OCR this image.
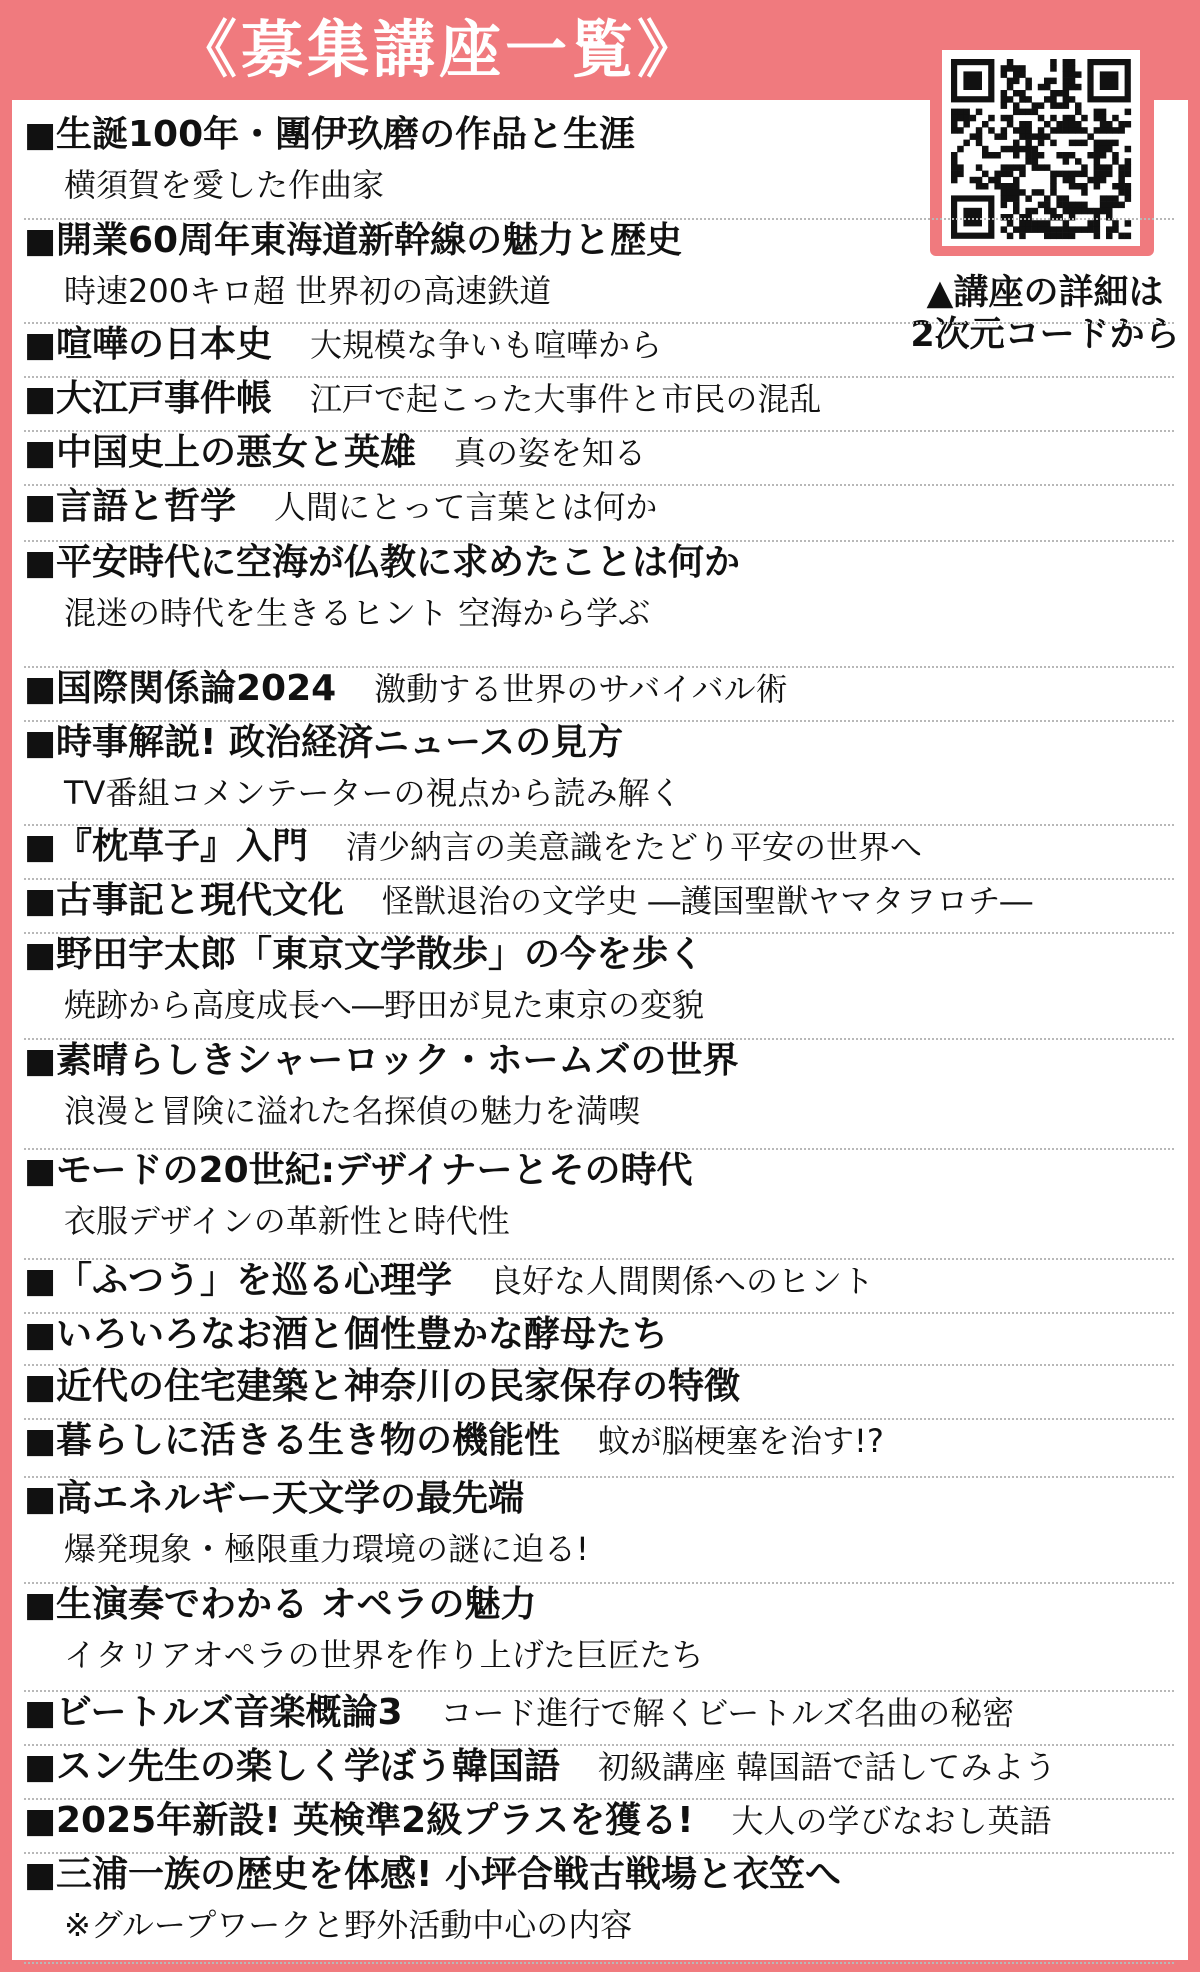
《募集講座一覧》
▲講座の詳細は
2次元コードから
■生誕100年・團伊玖磨の作品と生涯
横須賀を愛した作曲家
■開業60周年東海道新幹線の魅力と歴史
時速200キロ超 世界初の高速鉄道
■喧嘩の日本史 大規模な争いも喧嘩から
■大江戸事件帳 江戸で起こった大事件と市民の混乱
■中国史上の悪女と英雄 真の姿を知る
■言語と哲学 人間にとって言葉とは何か
■平安時代に空海が仏教に求めたことは何か
混迷の時代を生きるヒント 空海から学ぶ
■国際関係論2024 激動する世界のサバイバル術
■時事解説! 政治経済ニュースの見方
TV番組コメンテーターの視点から読み解く
■『枕草子』入門 清少納言の美意識をたどり平安の世界へ
■古事記と現代文化 怪獣退治の文学史 ―護国聖獣ヤマタヲロチ―
■野田宇太郎「東京文学散歩」の今を歩く
焼跡から高度成長へ―野田が見た東京の変貌
■素晴らしきシャーロック・ホームズの世界
浪漫と冒険に溢れた名探偵の魅力を満喫
■モードの20世紀:デザイナーとその時代
衣服デザインの革新性と時代性
■「ふつう」を巡る心理学 良好な人間関係へのヒント
■いろいろなお酒と個性豊かな酵母たち
■近代の住宅建築と神奈川の民家保存の特徴
■暮らしに活きる生き物の機能性 蚊が脳梗塞を治す!?
■高エネルギー天文学の最先端
爆発現象・極限重力環境の謎に迫る!
■生演奏でわかる オペラの魅力
イタリアオペラの世界を作り上げた巨匠たち
■ビートルズ音楽概論3 コード進行で解くビートルズ名曲の秘密
■スン先生の楽しく学ぼう韓国語 初級講座 韓国語で話してみよう
■2025年新設! 英検準2級プラスを獲る! 大人の学びなおし英語
■三浦一族の歴史を体感! 小坪合戦古戦場と衣笠へ
※グループワークと野外活動中心の内容
